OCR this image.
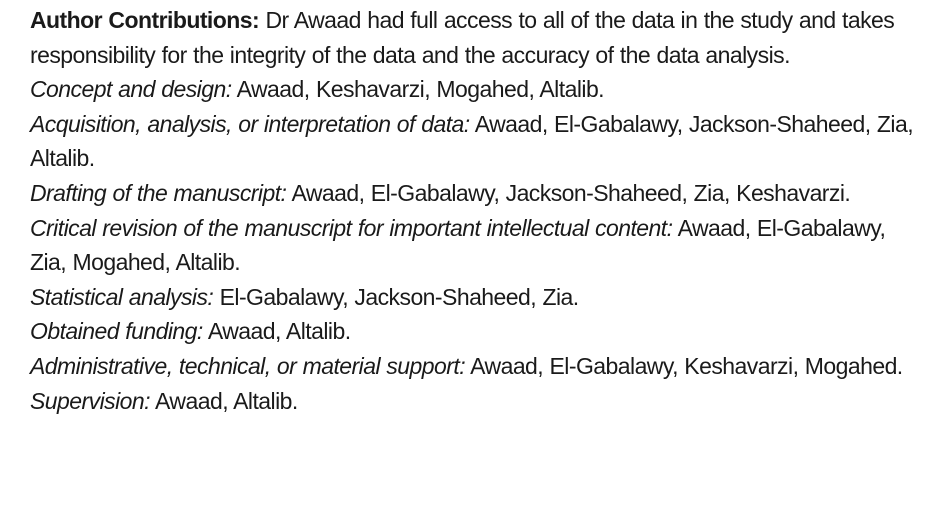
Author Contributions: Dr Awaad had full access to all of the data in the study and takes responsibility for the integrity of the data and the accuracy of the data analysis.

Concept and design: Awaad, Keshavarzi, Mogahed, Altalib.

Acquisition, analysis, or interpretation of data: Awaad, El-Gabalawy, Jackson-Shaheed, Zia, Altalib.

Drafting of the manuscript: Awaad, El-Gabalawy, Jackson-Shaheed, Zia, Keshavarzi.

Critical revision of the manuscript for important intellectual content: Awaad, El-Gabalawy, Zia, Mogahed, Altalib.

Statistical analysis: El-Gabalawy, Jackson-Shaheed, Zia.

Obtained funding: Awaad, Altalib.

Administrative, technical, or material support: Awaad, El-Gabalawy, Keshavarzi, Mogahed.

Supervision: Awaad, Altalib.
